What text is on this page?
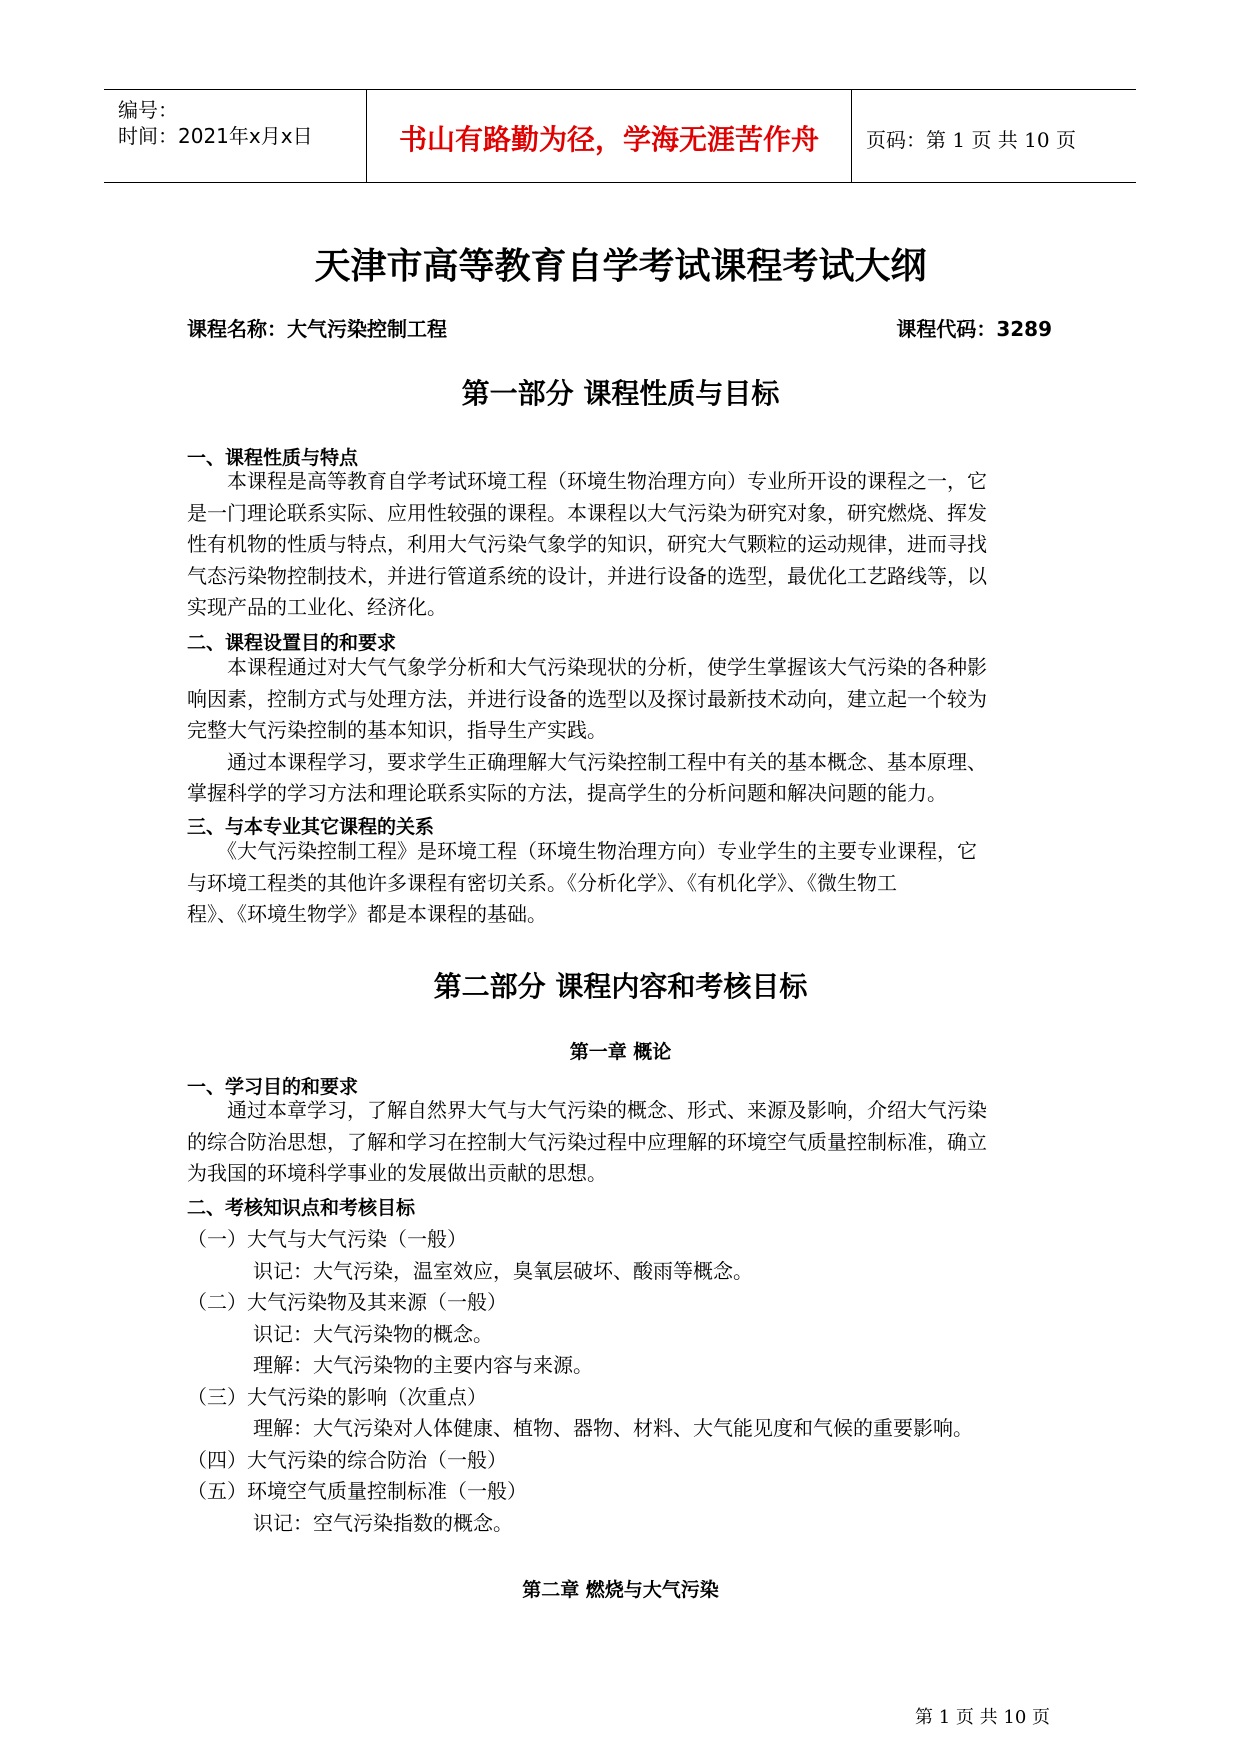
编号：
时间：2021年x月x日	书山有路勤为径，学海无涯苦作舟	页码：第 1 页 共 10 页
天津市高等教育自学考试课程考试大纲
课程名称：大气污染控制工程	课程代码：3289
第一部分 课程性质与目标
一、课程性质与特点
　　本课程是高等教育自学考试环境工程（环境生物治理方向）专业所开设的课程之一，它
是一门理论联系实际、应用性较强的课程。本课程以大气污染为研究对象，研究燃烧、挥发
性有机物的性质与特点，利用大气污染气象学的知识，研究大气颗粒的运动规律，进而寻找
气态污染物控制技术，并进行管道系统的设计，并进行设备的选型，最优化工艺路线等，以
实现产品的工业化、经济化。
二、课程设置目的和要求
　　本课程通过对大气气象学分析和大气污染现状的分析，使学生掌握该大气污染的各种影
响因素，控制方式与处理方法，并进行设备的选型以及探讨最新技术动向，建立起一个较为
完整大气污染控制的基本知识，指导生产实践。
　　通过本课程学习，要求学生正确理解大气污染控制工程中有关的基本概念、基本原理、
掌握科学的学习方法和理论联系实际的方法，提高学生的分析问题和解决问题的能力。
三、与本专业其它课程的关系
　　《大气污染控制工程》是环境工程（环境生物治理方向）专业学生的主要专业课程，它
与环境工程类的其他许多课程有密切关系。《分析化学》、《有机化学》、《微生物工
程》、《环境生物学》都是本课程的基础。
第二部分 课程内容和考核目标
第一章 概论
一、学习目的和要求
　　通过本章学习，了解自然界大气与大气污染的概念、形式、来源及影响，介绍大气污染
的综合防治思想，了解和学习在控制大气污染过程中应理解的环境空气质量控制标准，确立
为我国的环境科学事业的发展做出贡献的思想。
二、考核知识点和考核目标
（一）大气与大气污染（一般）
识记：大气污染，温室效应，臭氧层破坏、酸雨等概念。
（二）大气污染物及其来源（一般）
识记：大气污染物的概念。
理解：大气污染物的主要内容与来源。
（三）大气污染的影响（次重点）
理解：大气污染对人体健康、植物、器物、材料、大气能见度和气候的重要影响。
（四）大气污染的综合防治（一般）
（五）环境空气质量控制标准（一般）
识记：空气污染指数的概念。
第二章 燃烧与大气污染
第 1 页 共 10 页
